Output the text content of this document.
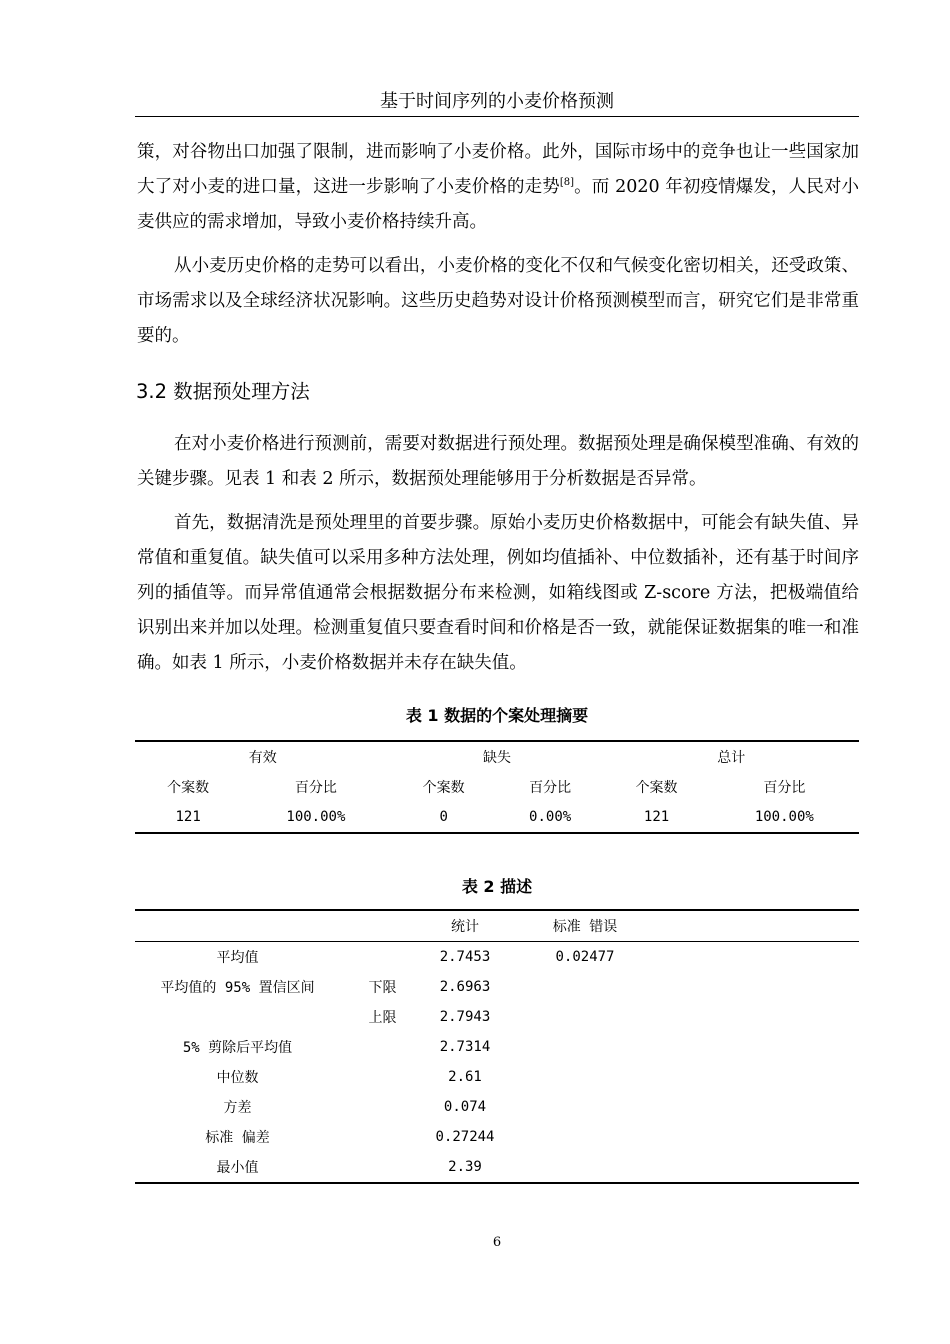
基于时间序列的小麦价格预测
策，对谷物出口加强了限制，进而影响了小麦价格。此外，国际市场中的竞争也让一些国家加大了对小麦的进口量，这进一步影响了小麦价格的走势[8]。而 2020 年初疫情爆发，人民对小麦供应的需求增加，导致小麦价格持续升高。
从小麦历史价格的走势可以看出，小麦价格的变化不仅和气候变化密切相关，还受政策、市场需求以及全球经济状况影响。这些历史趋势对设计价格预测模型而言，研究它们是非常重要的。
3.2 数据预处理方法
在对小麦价格进行预测前，需要对数据进行预处理。数据预处理是确保模型准确、有效的关键步骤。见表 1 和表 2 所示，数据预处理能够用于分析数据是否异常。
首先，数据清洗是预处理里的首要步骤。原始小麦历史价格数据中，可能会有缺失值、异常值和重复值。缺失值可以采用多种方法处理，例如均值插补、中位数插补，还有基于时间序列的插值等。而异常值通常会根据数据分布来检测，如箱线图或 Z-score 方法，把极端值给识别出来并加以处理。检测重复值只要查看时间和价格是否一致，就能保证数据集的唯一和准确。如表 1 所示，小麦价格数据并未存在缺失值。
表 1 数据的个案处理摘要
有效		缺失		总计	
个案数	百分比	个案数	百分比	个案数	百分比
121	100.00%	0	0.00%	121	100.00%
表 2 描述
		统计	标准 错误	
平均值		2.7453	0.02477	
平均值的 95% 置信区间	下限	2.6963		
	上限	2.7943		
5% 剪除后平均值		2.7314		
中位数		2.61		
方差		0.074		
标准 偏差		0.27244		
最小值		2.39		
6
